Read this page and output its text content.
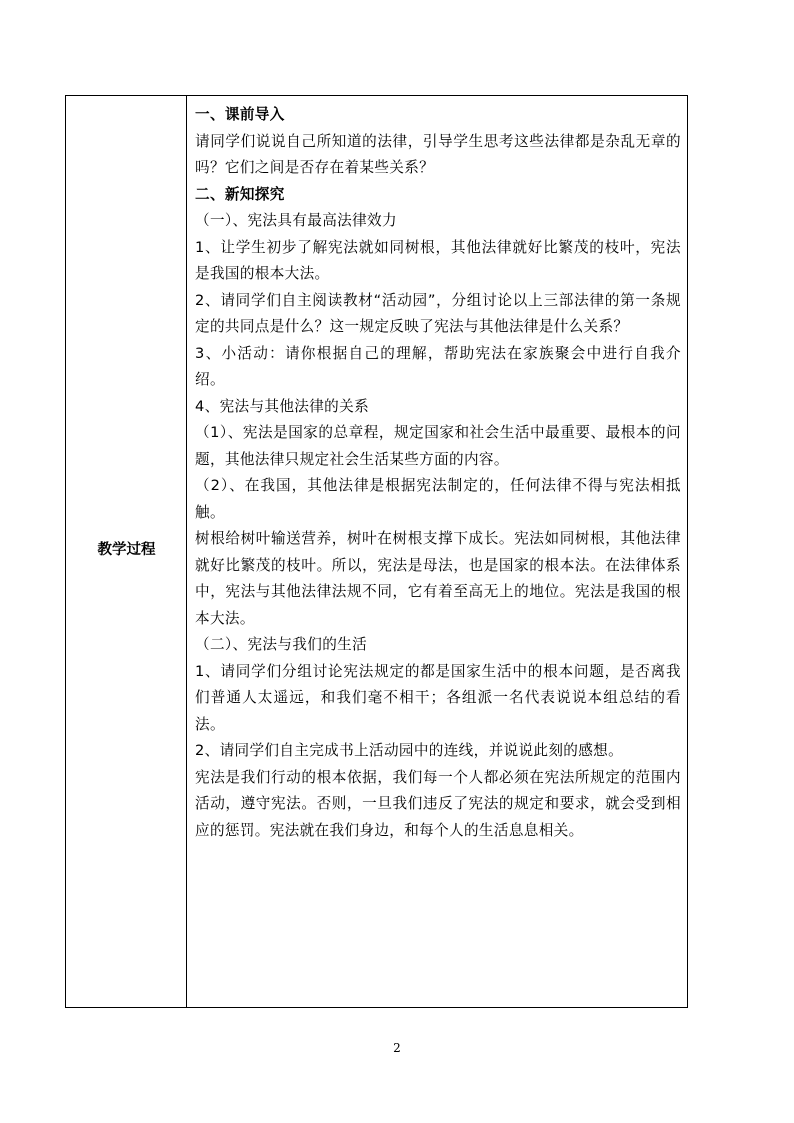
教学过程

一、课前导入

请同学们说说自己所知道的法律，引导学生思考这些法律都是杂乱无章的吗？它们之间是否存在着某些关系？

二、新知探究

（一）、宪法具有最高法律效力

1、让学生初步了解宪法就如同树根，其他法律就好比繁茂的枝叶，宪法是我国的根本大法。

2、请同学们自主阅读教材“活动园”，分组讨论以上三部法律的第一条规定的共同点是什么？这一规定反映了宪法与其他法律是什么关系？

3、小活动：请你根据自己的理解，帮助宪法在家族聚会中进行自我介绍。

4、宪法与其他法律的关系

（1）、宪法是国家的总章程，规定国家和社会生活中最重要、最根本的问题，其他法律只规定社会生活某些方面的内容。

（2）、在我国，其他法律是根据宪法制定的，任何法律不得与宪法相抵触。

树根给树叶输送营养，树叶在树根支撑下成长。宪法如同树根，其他法律就好比繁茂的枝叶。所以，宪法是母法，也是国家的根本法。在法律体系中，宪法与其他法律法规不同，它有着至高无上的地位。宪法是我国的根本大法。

（二）、宪法与我们的生活

1、请同学们分组讨论宪法规定的都是国家生活中的根本问题，是否离我们普通人太遥远，和我们毫不相干；各组派一名代表说说本组总结的看法。

2、请同学们自主完成书上活动园中的连线，并说说此刻的感想。

宪法是我们行动的根本依据，我们每一个人都必须在宪法所规定的范围内活动，遵守宪法。否则，一旦我们违反了宪法的规定和要求，就会受到相应的惩罚。宪法就在我们身边，和每个人的生活息息相关。

2
